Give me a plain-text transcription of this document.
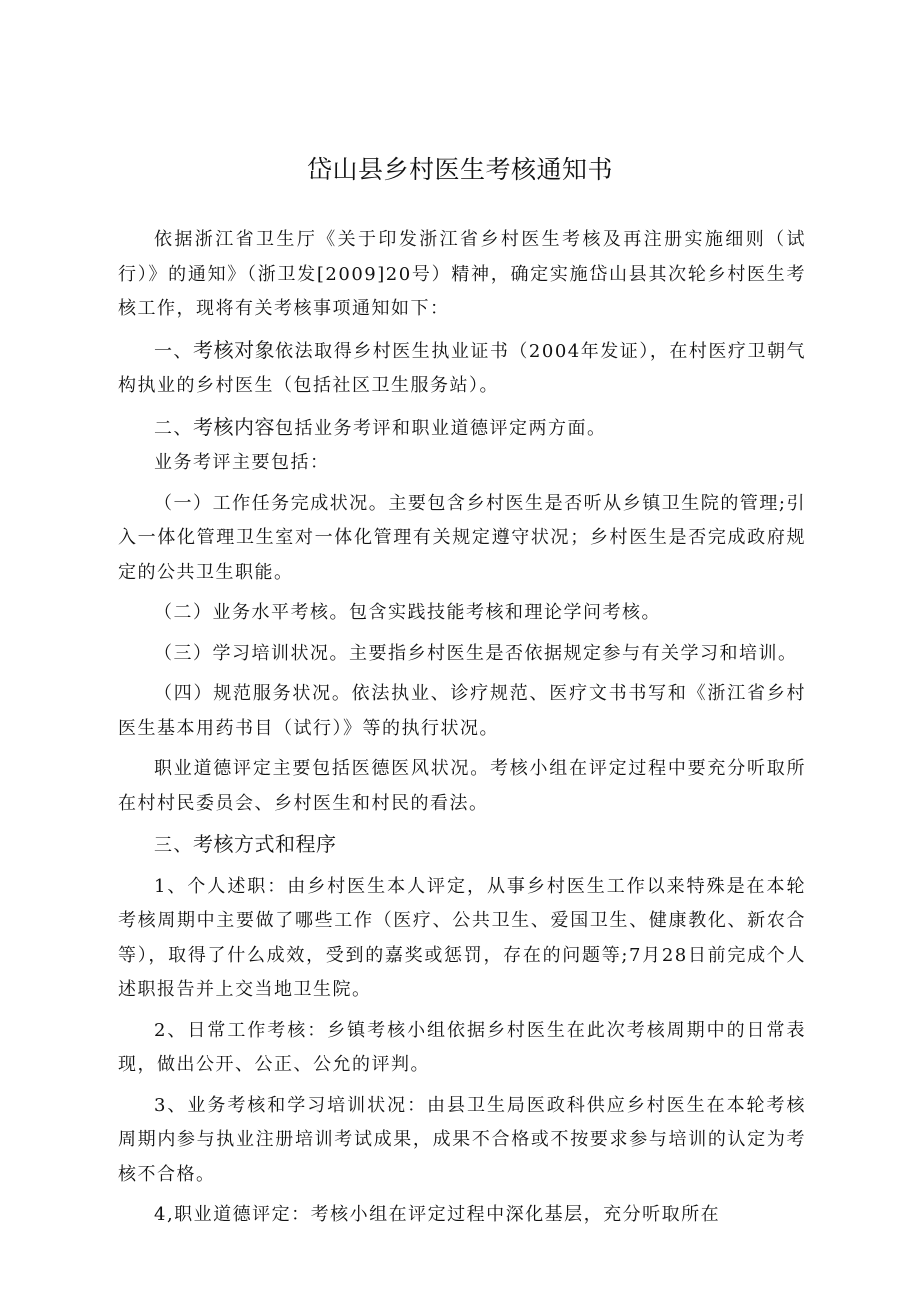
岱山县乡村医生考核通知书

依据浙江省卫生厅《关于印发浙江省乡村医生考核及再注册实施细则（试行）》的通知》（浙卫发[2009]20号）精神，确定实施岱山县其次轮乡村医生考核工作，现将有关考核事项通知如下：

一、考核对象依法取得乡村医生执业证书（2004年发证），在村医疗卫朝气构执业的乡村医生（包括社区卫生服务站）。

二、考核内容包括业务考评和职业道德评定两方面。

业务考评主要包括：

（一）工作任务完成状况。主要包含乡村医生是否听从乡镇卫生院的管理;引入一体化管理卫生室对一体化管理有关规定遵守状况；乡村医生是否完成政府规定的公共卫生职能。

（二）业务水平考核。包含实践技能考核和理论学问考核。

（三）学习培训状况。主要指乡村医生是否依据规定参与有关学习和培训。

（四）规范服务状况。依法执业、诊疗规范、医疗文书书写和《浙江省乡村医生基本用药书目（试行）》等的执行状况。

职业道德评定主要包括医德医风状况。考核小组在评定过程中要充分听取所在村村民委员会、乡村医生和村民的看法。

三、考核方式和程序

1、个人述职：由乡村医生本人评定，从事乡村医生工作以来特殊是在本轮考核周期中主要做了哪些工作（医疗、公共卫生、爱国卫生、健康教化、新农合等），取得了什么成效，受到的嘉奖或惩罚，存在的问题等;7月28日前完成个人述职报告并上交当地卫生院。

2、日常工作考核：乡镇考核小组依据乡村医生在此次考核周期中的日常表现，做出公开、公正、公允的评判。

3、业务考核和学习培训状况：由县卫生局医政科供应乡村医生在本轮考核周期内参与执业注册培训考试成果，成果不合格或不按要求参与培训的认定为考核不合格。

4,职业道德评定：考核小组在评定过程中深化基层，充分听取所在
